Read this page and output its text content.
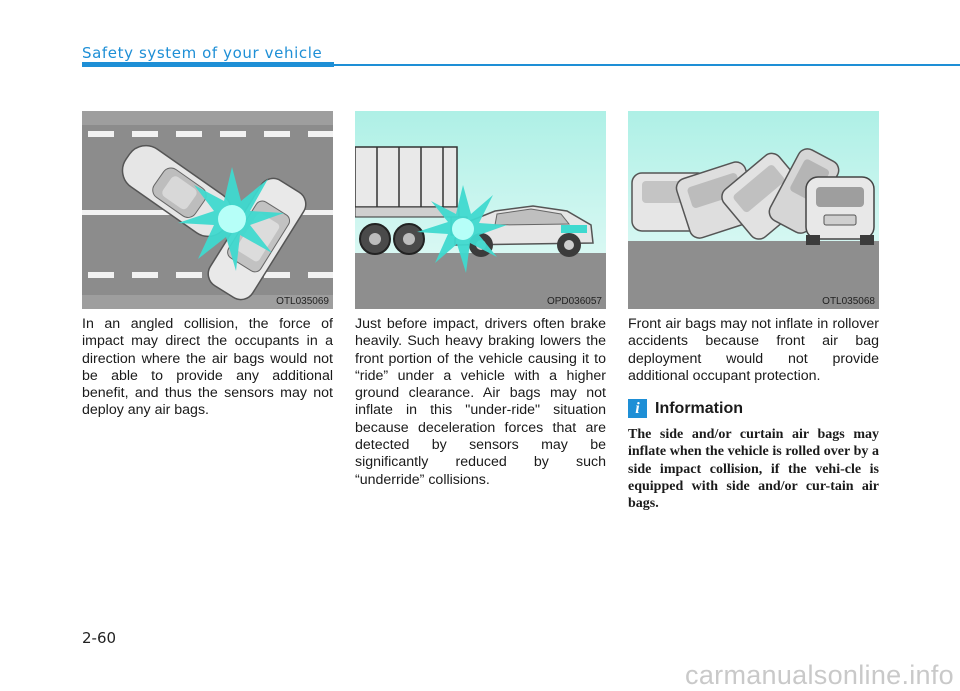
Safety system of your vehicle
OTL035069	OPD036057	OTL035068

In an angled collision, the force of impact may direct the occupants in a direction where the air bags would not be able to provide any additional benefit, and thus the sensors may not deploy any air bags.

Just before impact, drivers often brake heavily. Such heavy braking lowers the front portion of the vehicle causing it to “ride” under a vehicle with a higher ground clearance. Air bags may not inflate in this "under-ride" situation because deceleration forces that are detected by sensors may be significantly reduced by such “underride” collisions.

Front air bags may not inflate in rollover accidents because front air bag deployment would not provide additional occupant protection.

i Information

The side and/or curtain air bags may inflate when the vehicle is rolled over by a side impact collision, if the vehi-cle is equipped with side and/or cur-tain air bags.

2-60
carmanualsonline.info
